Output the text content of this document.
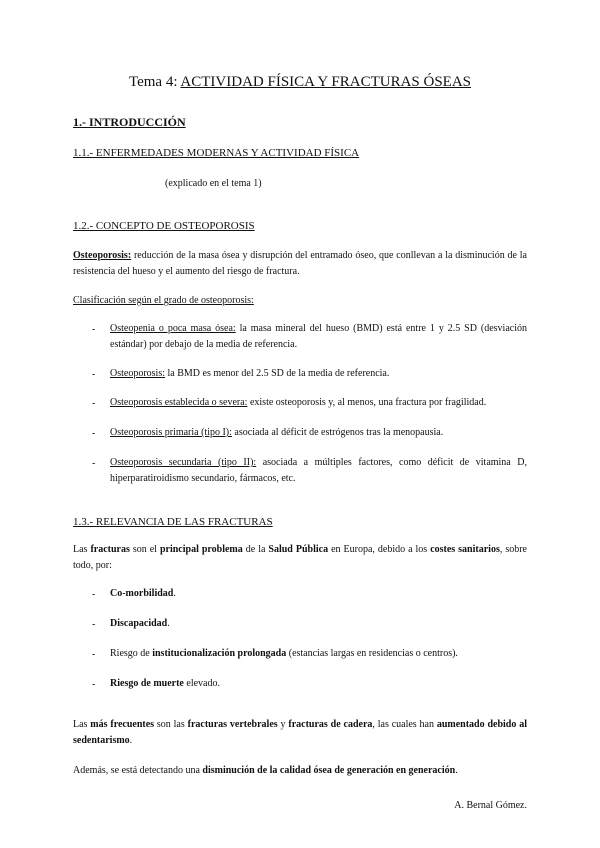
Tema 4: ACTIVIDAD FÍSICA Y FRACTURAS ÓSEAS
1.- INTRODUCCIÓN
1.1.- ENFERMEDADES MODERNAS Y ACTIVIDAD FÍSICA
(explicado en el tema 1)
1.2.- CONCEPTO DE OSTEOPOROSIS
Osteoporosis: reducción de la masa ósea y disrupción del entramado óseo, que conllevan a la disminución de la resistencia del hueso y el aumento del riesgo de fractura.
Clasificación según el grado de osteoporosis:
- Osteopenia o poca masa ósea: la masa mineral del hueso (BMD) está entre 1 y 2.5 SD (desviación estándar) por debajo de la media de referencia.
- Osteoporosis: la BMD es menor del 2.5 SD de la media de referencia.
- Osteoporosis establecida o severa: existe osteoporosis y, al menos, una fractura por fragilidad.
- Osteoporosis primaria (tipo I): asociada al déficit de estrógenos tras la menopausia.
- Osteoporosis secundaria (tipo II): asociada a múltiples factores, como déficit de vitamina D, hiperparatiroidismo secundario, fármacos, etc.
1.3.- RELEVANCIA DE LAS FRACTURAS
Las fracturas son el principal problema de la Salud Pública en Europa, debido a los costes sanitarios, sobre todo, por:
- Co-morbilidad.
- Discapacidad.
- Riesgo de institucionalización prolongada (estancias largas en residencias o centros).
- Riesgo de muerte elevado.
Las más frecuentes son las fracturas vertebrales y fracturas de cadera, las cuales han aumentado debido al sedentarismo.
Además, se está detectando una disminución de la calidad ósea de generación en generación.
A. Bernal Gómez.
